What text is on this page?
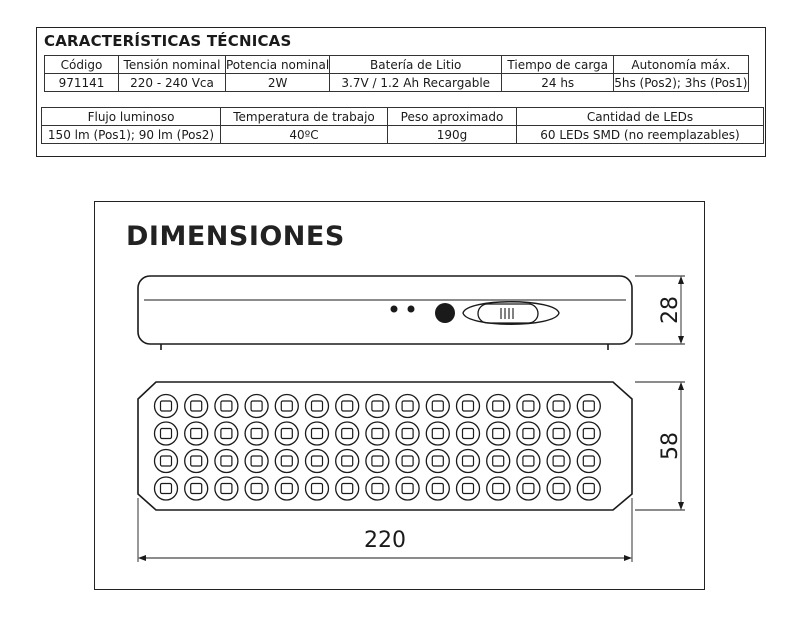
CARACTERÍSTICAS TÉCNICAS
Código	Tensión nominal	Potencia nominal	Batería de Litio	Tiempo de carga	Autonomía máx.
971141	220 - 240 Vca	2W	3.7V / 1.2 Ah Recargable	24 hs	5hs (Pos2); 3hs (Pos1)
Flujo luminoso	Temperatura de trabajo	Peso aproximado	Cantidad de LEDs
150 lm (Pos1); 90 lm (Pos2)	40ºC	190g	60 LEDs SMD (no reemplazables)
DIMENSIONES
28
58
220
